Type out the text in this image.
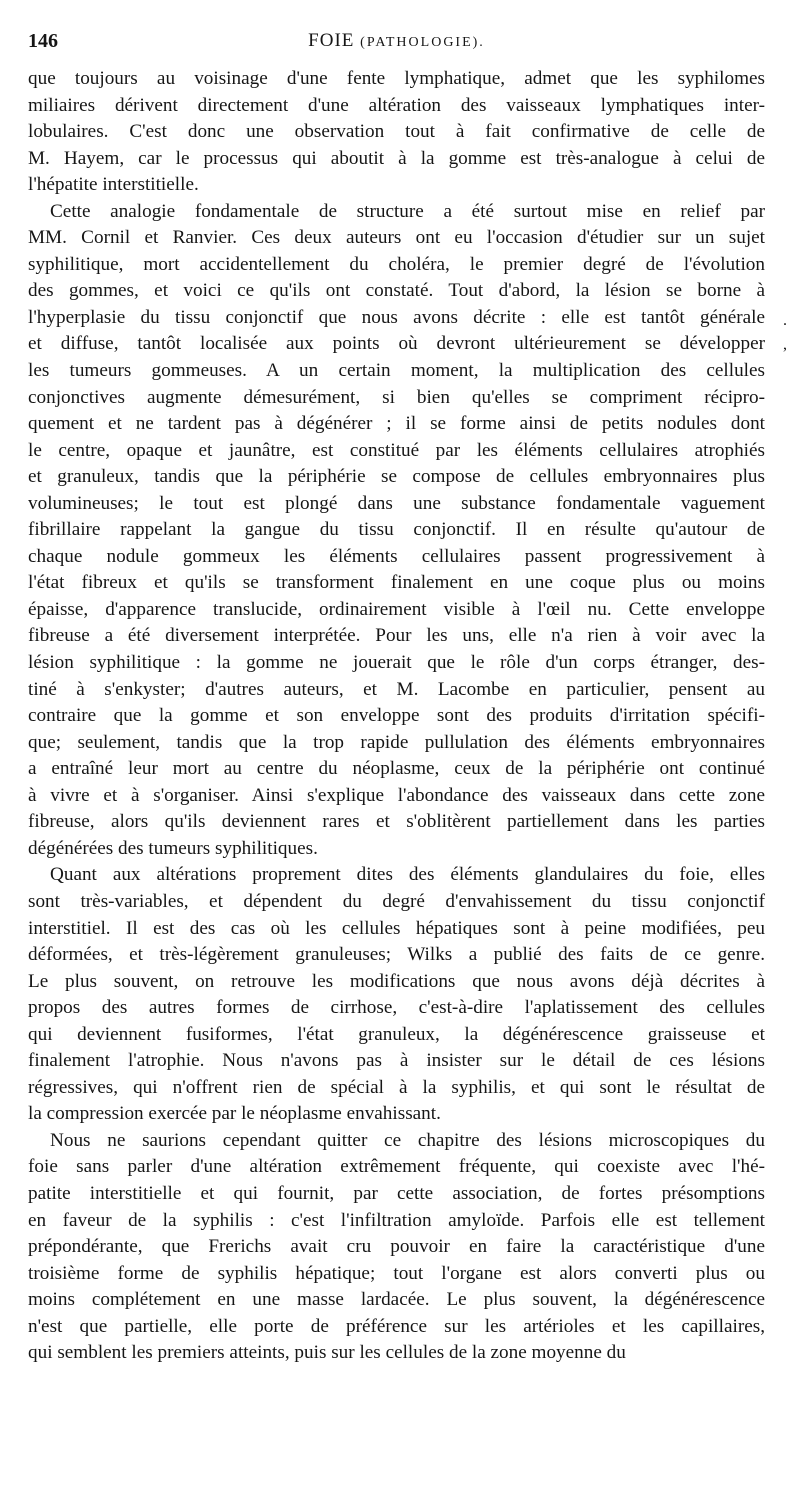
146	FOIE (PATHOLOGIE).
que toujours au voisinage d'une fente lymphatique, admet que les syphilomes
miliaires dérivent directement d'une altération des vaisseaux lymphatiques inter-
lobulaires. C'est donc une observation tout à fait confirmative de celle de
M. Hayem, car le processus qui aboutit à la gomme est très-analogue à celui de
l'hépatite interstitielle.
Cette analogie fondamentale de structure a été surtout mise en relief par
MM. Cornil et Ranvier. Ces deux auteurs ont eu l'occasion d'étudier sur un sujet
syphilitique, mort accidentellement du choléra, le premier degré de l'évolution
des gommes, et voici ce qu'ils ont constaté. Tout d'abord, la lésion se borne à
l'hyperplasie du tissu conjonctif que nous avons décrite : elle est tantôt générale
et diffuse, tantôt localisée aux points où devront ultérieurement se développer
les tumeurs gommeuses. A un certain moment, la multiplication des cellules
conjonctives augmente démesurément, si bien qu'elles se compriment récipro-
quement et ne tardent pas à dégénérer ; il se forme ainsi de petits nodules dont
le centre, opaque et jaunâtre, est constitué par les éléments cellulaires atrophiés
et granuleux, tandis que la périphérie se compose de cellules embryonnaires plus
volumineuses; le tout est plongé dans une substance fondamentale vaguement
fibrillaire rappelant la gangue du tissu conjonctif. Il en résulte qu'autour de
chaque nodule gommeux les éléments cellulaires passent progressivement à
l'état fibreux et qu'ils se transforment finalement en une coque plus ou moins
épaisse, d'apparence translucide, ordinairement visible à l'œil nu. Cette enveloppe
fibreuse a été diversement interprétée. Pour les uns, elle n'a rien à voir avec la
lésion syphilitique : la gomme ne jouerait que le rôle d'un corps étranger, des-
tiné à s'enkyster; d'autres auteurs, et M. Lacombe en particulier, pensent au
contraire que la gomme et son enveloppe sont des produits d'irritation spécifi-
que; seulement, tandis que la trop rapide pullulation des éléments embryonnaires
a entraîné leur mort au centre du néoplasme, ceux de la périphérie ont continué
à vivre et à s'organiser. Ainsi s'explique l'abondance des vaisseaux dans cette zone
fibreuse, alors qu'ils deviennent rares et s'oblitèrent partiellement dans les parties
dégénérées des tumeurs syphilitiques.
Quant aux altérations proprement dites des éléments glandulaires du foie, elles
sont très-variables, et dépendent du degré d'envahissement du tissu conjonctif
interstitiel. Il est des cas où les cellules hépatiques sont à peine modifiées, peu
déformées, et très-légèrement granuleuses; Wilks a publié des faits de ce genre.
Le plus souvent, on retrouve les modifications que nous avons déjà décrites à
propos des autres formes de cirrhose, c'est-à-dire l'aplatissement des cellules
qui deviennent fusiformes, l'état granuleux, la dégénérescence graisseuse et
finalement l'atrophie. Nous n'avons pas à insister sur le détail de ces lésions
régressives, qui n'offrent rien de spécial à la syphilis, et qui sont le résultat de
la compression exercée par le néoplasme envahissant.
Nous ne saurions cependant quitter ce chapitre des lésions microscopiques du
foie sans parler d'une altération extrêmement fréquente, qui coexiste avec l'hé-
patite interstitielle et qui fournit, par cette association, de fortes présomptions
en faveur de la syphilis : c'est l'infiltration amyloïde. Parfois elle est tellement
prépondérante, que Frerichs avait cru pouvoir en faire la caractéristique d'une
troisième forme de syphilis hépatique; tout l'organe est alors converti plus ou
moins complétement en une masse lardacée. Le plus souvent, la dégénérescence
n'est que partielle, elle porte de préférence sur les artérioles et les capillaires,
qui semblent les premiers atteints, puis sur les cellules de la zone moyenne du
.
,
